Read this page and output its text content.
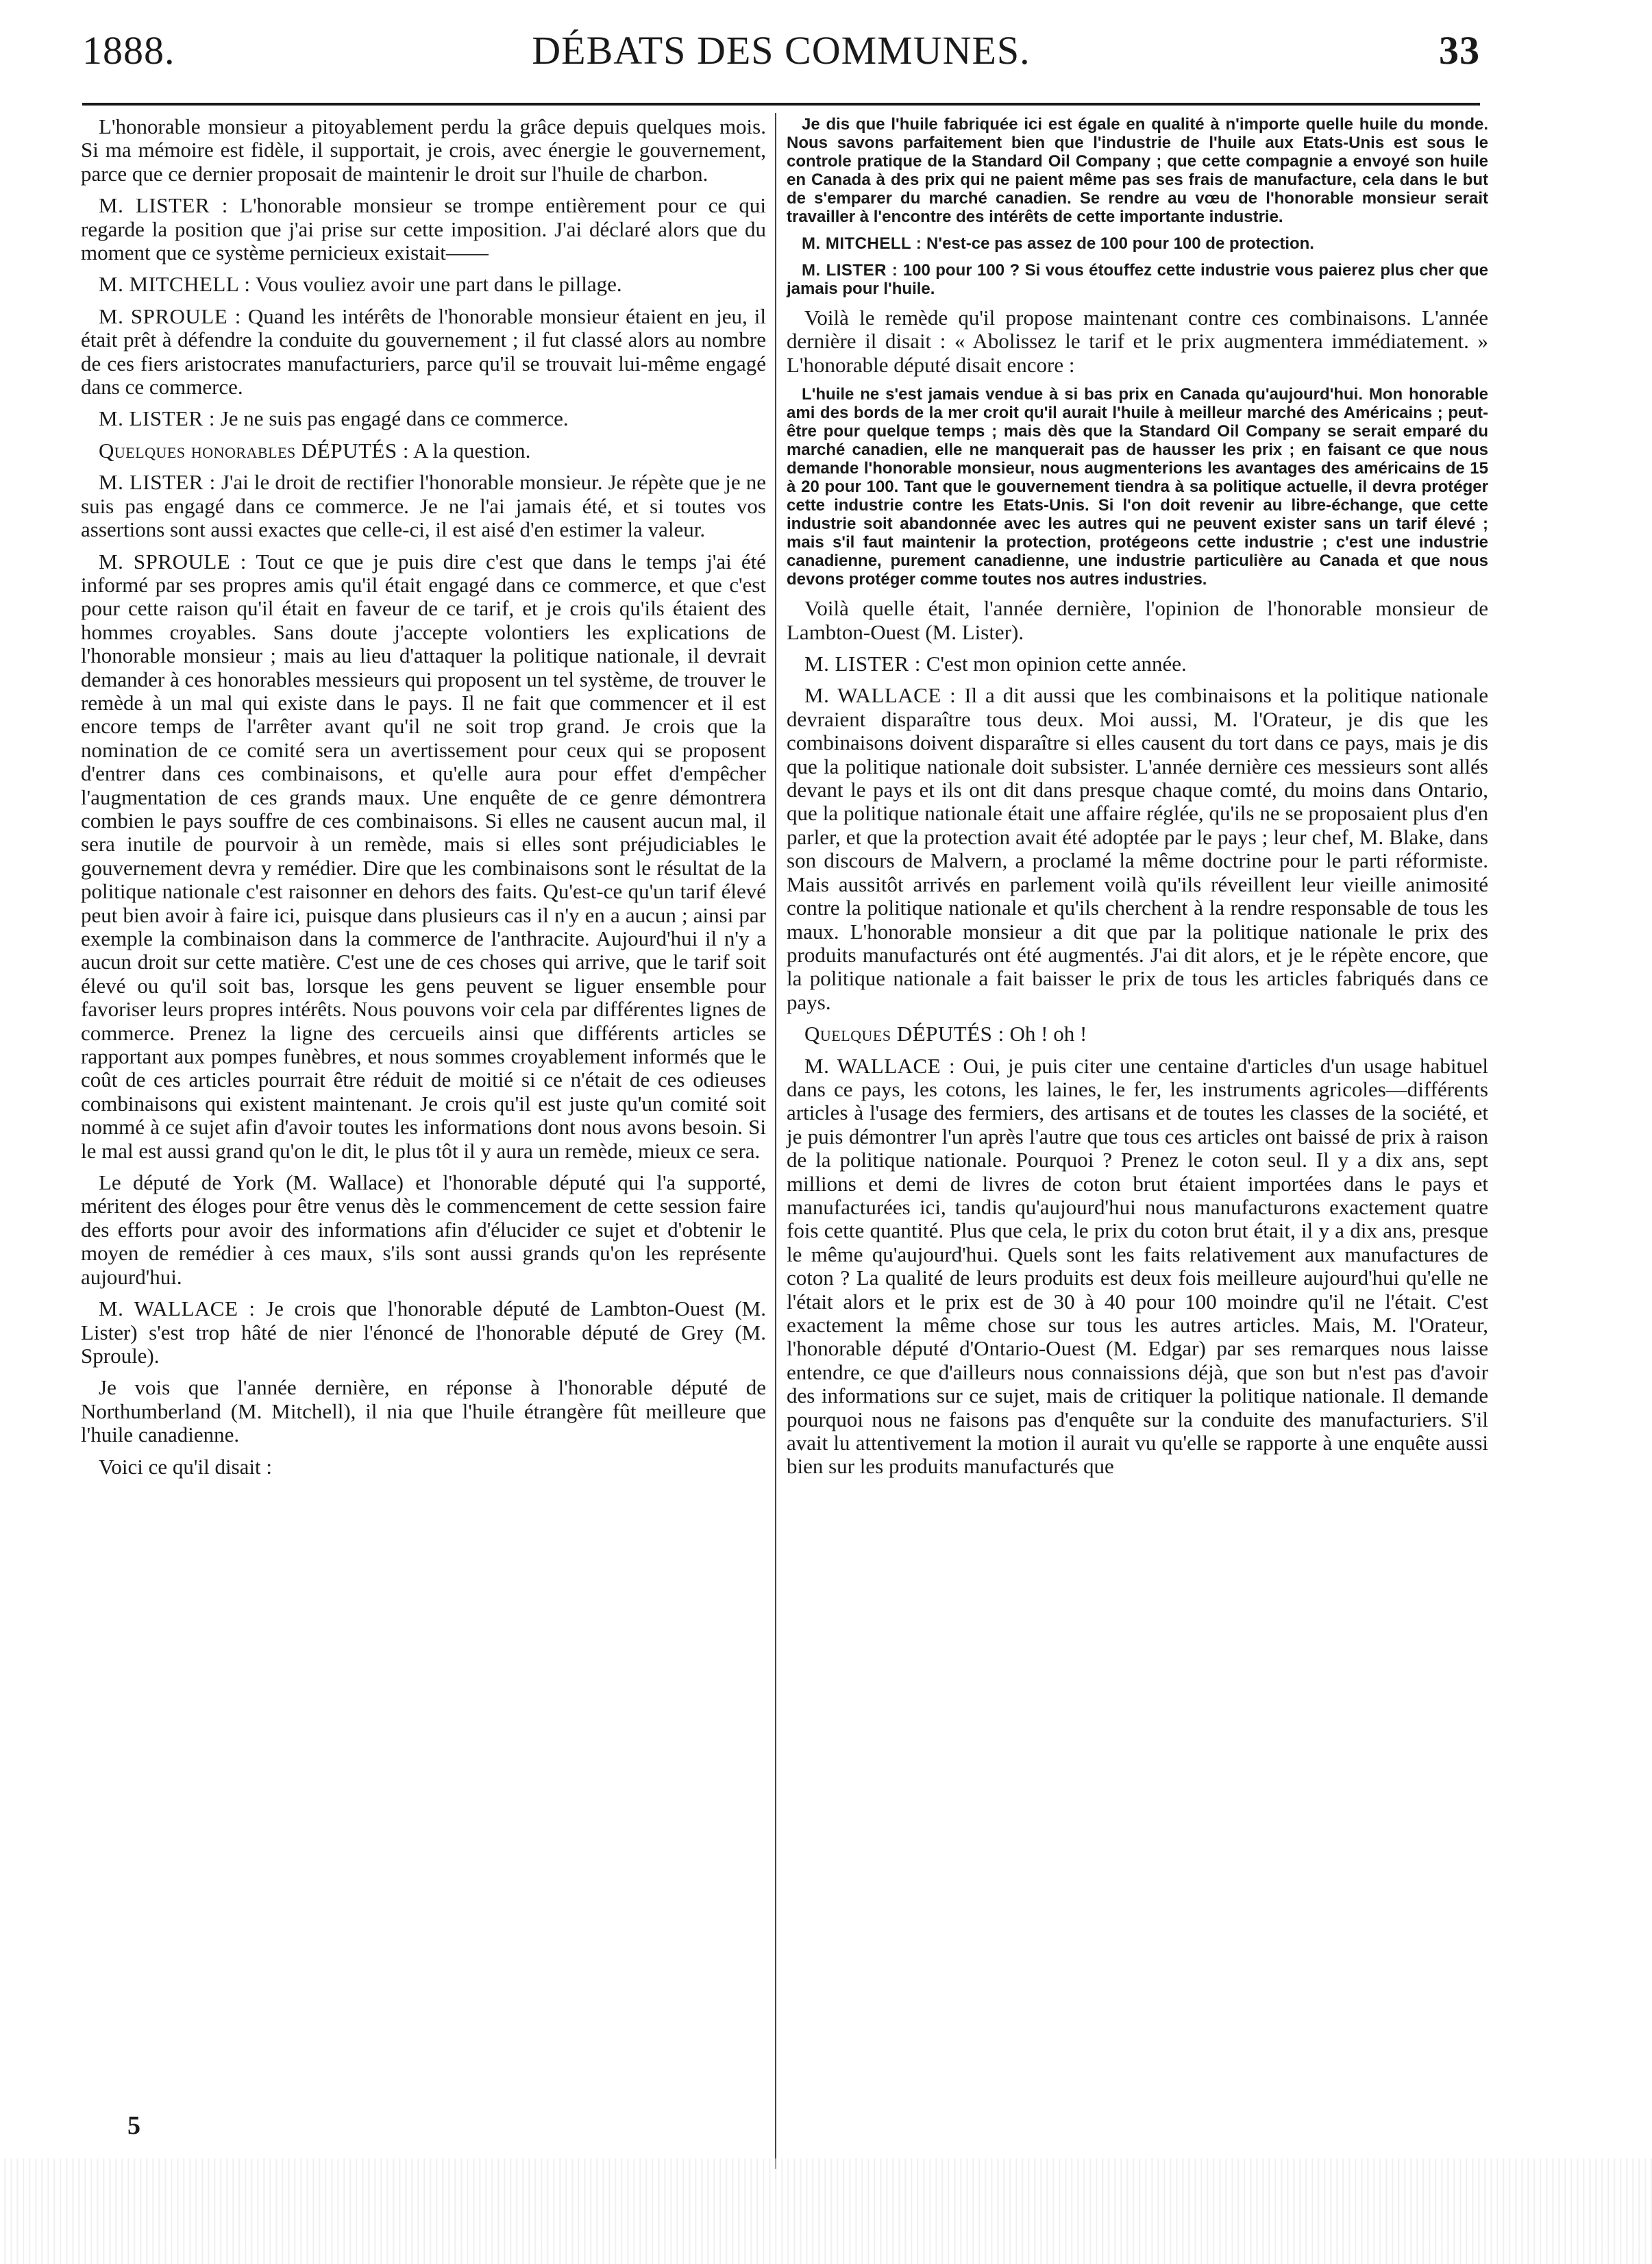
1888.	DÉBATS DES COMMUNES.	33

L'honorable monsieur a pitoyablement perdu la grâce depuis quelques mois. Si ma mémoire est fidèle, il supportait, je crois, avec énergie le gouvernement, parce que ce dernier proposait de maintenir le droit sur l'huile de charbon.

M. LISTER : L'honorable monsieur se trompe entièrement pour ce qui regarde la position que j'ai prise sur cette imposition. J'ai déclaré alors que du moment que ce système pernicieux existait——

M. MITCHELL : Vous vouliez avoir une part dans le pillage.

M. SPROULE : Quand les intérêts de l'honorable monsieur étaient en jeu, il était prêt à défendre la conduite du gouvernement ; il fut classé alors au nombre de ces fiers aristocrates manufacturiers, parce qu'il se trouvait lui-même engagé dans ce commerce.

M. LISTER : Je ne suis pas engagé dans ce commerce.

Quelques honorables DÉPUTÉS : A la question.

M. LISTER : J'ai le droit de rectifier l'honorable monsieur. Je répète que je ne suis pas engagé dans ce commerce. Je ne l'ai jamais été, et si toutes vos assertions sont aussi exactes que celle-ci, il est aisé d'en estimer la valeur.

M. SPROULE : Tout ce que je puis dire c'est que dans le temps j'ai été informé par ses propres amis qu'il était engagé dans ce commerce, et que c'est pour cette raison qu'il était en faveur de ce tarif, et je crois qu'ils étaient des hommes croyables. Sans doute j'accepte volontiers les explications de l'honorable monsieur ; mais au lieu d'attaquer la politique nationale, il devrait demander à ces honorables messieurs qui proposent un tel système, de trouver le remède à un mal qui existe dans le pays. Il ne fait que commencer et il est encore temps de l'arrêter avant qu'il ne soit trop grand. Je crois que la nomination de ce comité sera un avertissement pour ceux qui se proposent d'entrer dans ces combinaisons, et qu'elle aura pour effet d'empêcher l'augmentation de ces grands maux. Une enquête de ce genre démontrera combien le pays souffre de ces combinaisons. Si elles ne causent aucun mal, il sera inutile de pourvoir à un remède, mais si elles sont préjudiciables le gouvernement devra y remédier. Dire que les combinaisons sont le résultat de la politique nationale c'est raisonner en dehors des faits. Qu'est-ce qu'un tarif élevé peut bien avoir à faire ici, puisque dans plusieurs cas il n'y en a aucun ; ainsi par exemple la combinaison dans la commerce de l'anthracite. Aujourd'hui il n'y a aucun droit sur cette matière. C'est une de ces choses qui arrive, que le tarif soit élevé ou qu'il soit bas, lorsque les gens peuvent se liguer ensemble pour favoriser leurs propres intérêts. Nous pouvons voir cela par différentes lignes de commerce. Prenez la ligne des cercueils ainsi que différents articles se rapportant aux pompes funèbres, et nous sommes croyablement informés que le coût de ces articles pourrait être réduit de moitié si ce n'était de ces odieuses combinaisons qui existent maintenant. Je crois qu'il est juste qu'un comité soit nommé à ce sujet afin d'avoir toutes les informations dont nous avons besoin. Si le mal est aussi grand qu'on le dit, le plus tôt il y aura un remède, mieux ce sera.

Le député de York (M. Wallace) et l'honorable député qui l'a supporté, méritent des éloges pour être venus dès le commencement de cette session faire des efforts pour avoir des informations afin d'élucider ce sujet et d'obtenir le moyen de remédier à ces maux, s'ils sont aussi grands qu'on les représente aujourd'hui.

M. WALLACE : Je crois que l'honorable député de Lambton-Ouest (M. Lister) s'est trop hâté de nier l'énoncé de l'honorable député de Grey (M. Sproule).

Je vois que l'année dernière, en réponse à l'honorable député de Northumberland (M. Mitchell), il nia que l'huile étrangère fût meilleure que l'huile canadienne.

Voici ce qu'il disait :

Je dis que l'huile fabriquée ici est égale en qualité à n'importe quelle huile du monde. Nous savons parfaitement bien que l'industrie de l'huile aux Etats-Unis est sous le controle pratique de la Standard Oil Company ; que cette compagnie a envoyé son huile en Canada à des prix qui ne paient même pas ses frais de manufacture, cela dans le but de s'emparer du marché canadien. Se rendre au vœu de l'honorable monsieur serait travailler à l'encontre des intérêts de cette importante industrie.

M. MITCHELL : N'est-ce pas assez de 100 pour 100 de protection.

M. LISTER : 100 pour 100 ? Si vous étouffez cette industrie vous paierez plus cher que jamais pour l'huile.

Voilà le remède qu'il propose maintenant contre ces combinaisons. L'année dernière il disait : « Abolissez le tarif et le prix augmentera immédiatement. » L'honorable député disait encore :

L'huile ne s'est jamais vendue à si bas prix en Canada qu'aujourd'hui. Mon honorable ami des bords de la mer croit qu'il aurait l'huile à meilleur marché des Américains ; peut-être pour quelque temps ; mais dès que la Standard Oil Company se serait emparé du marché canadien, elle ne manquerait pas de hausser les prix ; en faisant ce que nous demande l'honorable monsieur, nous augmenterions les avantages des américains de 15 à 20 pour 100. Tant que le gouvernement tiendra à sa politique actuelle, il devra protéger cette industrie contre les Etats-Unis. Si l'on doit revenir au libre-échange, que cette industrie soit abandonnée avec les autres qui ne peuvent exister sans un tarif élevé ; mais s'il faut maintenir la protection, protégeons cette industrie ; c'est une industrie canadienne, purement canadienne, une industrie particulière au Canada et que nous devons protéger comme toutes nos autres industries.

Voilà quelle était, l'année dernière, l'opinion de l'honorable monsieur de Lambton-Ouest (M. Lister).

M. LISTER : C'est mon opinion cette année.

M. WALLACE : Il a dit aussi que les combinaisons et la politique nationale devraient disparaître tous deux. Moi aussi, M. l'Orateur, je dis que les combinaisons doivent disparaître si elles causent du tort dans ce pays, mais je dis que la politique nationale doit subsister. L'année dernière ces messieurs sont allés devant le pays et ils ont dit dans presque chaque comté, du moins dans Ontario, que la politique nationale était une affaire réglée, qu'ils ne se proposaient plus d'en parler, et que la protection avait été adoptée par le pays ; leur chef, M. Blake, dans son discours de Malvern, a proclamé la même doctrine pour le parti réformiste. Mais aussitôt arrivés en parlement voilà qu'ils réveillent leur vieille animosité contre la politique nationale et qu'ils cherchent à la rendre responsable de tous les maux. L'honorable monsieur a dit que par la politique nationale le prix des produits manufacturés ont été augmentés. J'ai dit alors, et je le répète encore, que la politique nationale a fait baisser le prix de tous les articles fabriqués dans ce pays.

Quelques DÉPUTÉS : Oh ! oh !

M. WALLACE : Oui, je puis citer une centaine d'articles d'un usage habituel dans ce pays, les cotons, les laines, le fer, les instruments agricoles—différents articles à l'usage des fermiers, des artisans et de toutes les classes de la société, et je puis démontrer l'un après l'autre que tous ces articles ont baissé de prix à raison de la politique nationale. Pourquoi ? Prenez le coton seul. Il y a dix ans, sept millions et demi de livres de coton brut étaient importées dans le pays et manufacturées ici, tandis qu'aujourd'hui nous manufacturons exactement quatre fois cette quantité. Plus que cela, le prix du coton brut était, il y a dix ans, presque le même qu'aujourd'hui. Quels sont les faits relativement aux manufactures de coton ? La qualité de leurs produits est deux fois meilleure aujourd'hui qu'elle ne l'était alors et le prix est de 30 à 40 pour 100 moindre qu'il ne l'était. C'est exactement la même chose sur tous les autres articles. Mais, M. l'Orateur, l'honorable député d'Ontario-Ouest (M. Edgar) par ses remarques nous laisse entendre, ce que d'ailleurs nous connaissions déjà, que son but n'est pas d'avoir des informations sur ce sujet, mais de critiquer la politique nationale. Il demande pourquoi nous ne faisons pas d'enquête sur la conduite des manufacturiers. S'il avait lu attentivement la motion il aurait vu qu'elle se rapporte à une enquête aussi bien sur les produits manufacturés que

5
